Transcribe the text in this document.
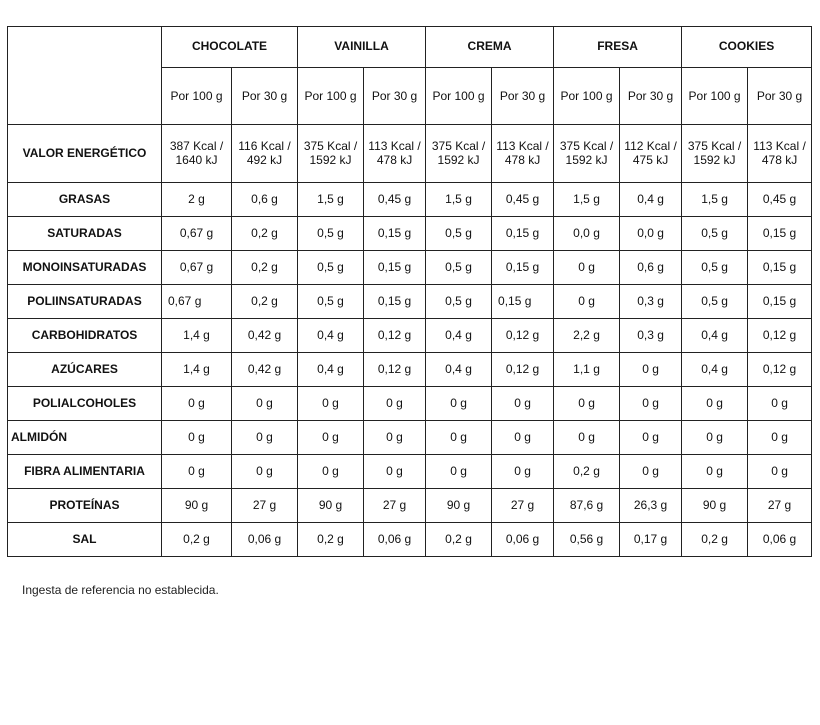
	CHOCOLATE		VAINILLA		CREMA		FRESA		COOKIES	
	Por 100 g	Por 30 g	Por 100 g	Por 30 g	Por 100 g	Por 30 g	Por 100 g	Por 30 g	Por 100 g	Por 30 g
VALOR ENERGÉTICO	387 Kcal / 1640 kJ	116 Kcal / 492 kJ	375 Kcal / 1592 kJ	113 Kcal / 478 kJ	375 Kcal / 1592 kJ	113 Kcal / 478 kJ	375 Kcal / 1592 kJ	112 Kcal / 475 kJ	375 Kcal / 1592 kJ	113 Kcal / 478 kJ
GRASAS	2 g	0,6 g	1,5 g	0,45 g	1,5 g	0,45 g	1,5 g	0,4 g	1,5 g	0,45 g
SATURADAS	0,67 g	0,2 g	0,5 g	0,15 g	0,5 g	0,15 g	0,0 g	0,0 g	0,5 g	0,15 g
MONOINSATURADAS	0,67 g	0,2 g	0,5 g	0,15 g	0,5 g	0,15 g	0 g	0,6 g	0,5 g	0,15 g
POLIINSATURADAS	0,67 g	0,2 g	0,5 g	0,15 g	0,5 g	0,15 g	0 g	0,3 g	0,5 g	0,15 g
CARBOHIDRATOS	1,4 g	0,42 g	0,4 g	0,12 g	0,4 g	0,12 g	2,2 g	0,3 g	0,4 g	0,12 g
AZÚCARES	1,4 g	0,42 g	0,4 g	0,12 g	0,4 g	0,12 g	1,1 g	0 g	0,4 g	0,12 g
POLIALCOHOLES	0 g	0 g	0 g	0 g	0 g	0 g	0 g	0 g	0 g	0 g
ALMIDÓN	0 g	0 g	0 g	0 g	0 g	0 g	0 g	0 g	0 g	0 g
FIBRA ALIMENTARIA	0 g	0 g	0 g	0 g	0 g	0 g	0,2 g	0 g	0 g	0 g
PROTEÍNAS	90 g	27 g	90 g	27 g	90 g	27 g	87,6 g	26,3 g	90 g	27 g
SAL	0,2 g	0,06 g	0,2 g	0,06 g	0,2 g	0,06 g	0,56 g	0,17 g	0,2 g	0,06 g
Ingesta de referencia no establecida.
